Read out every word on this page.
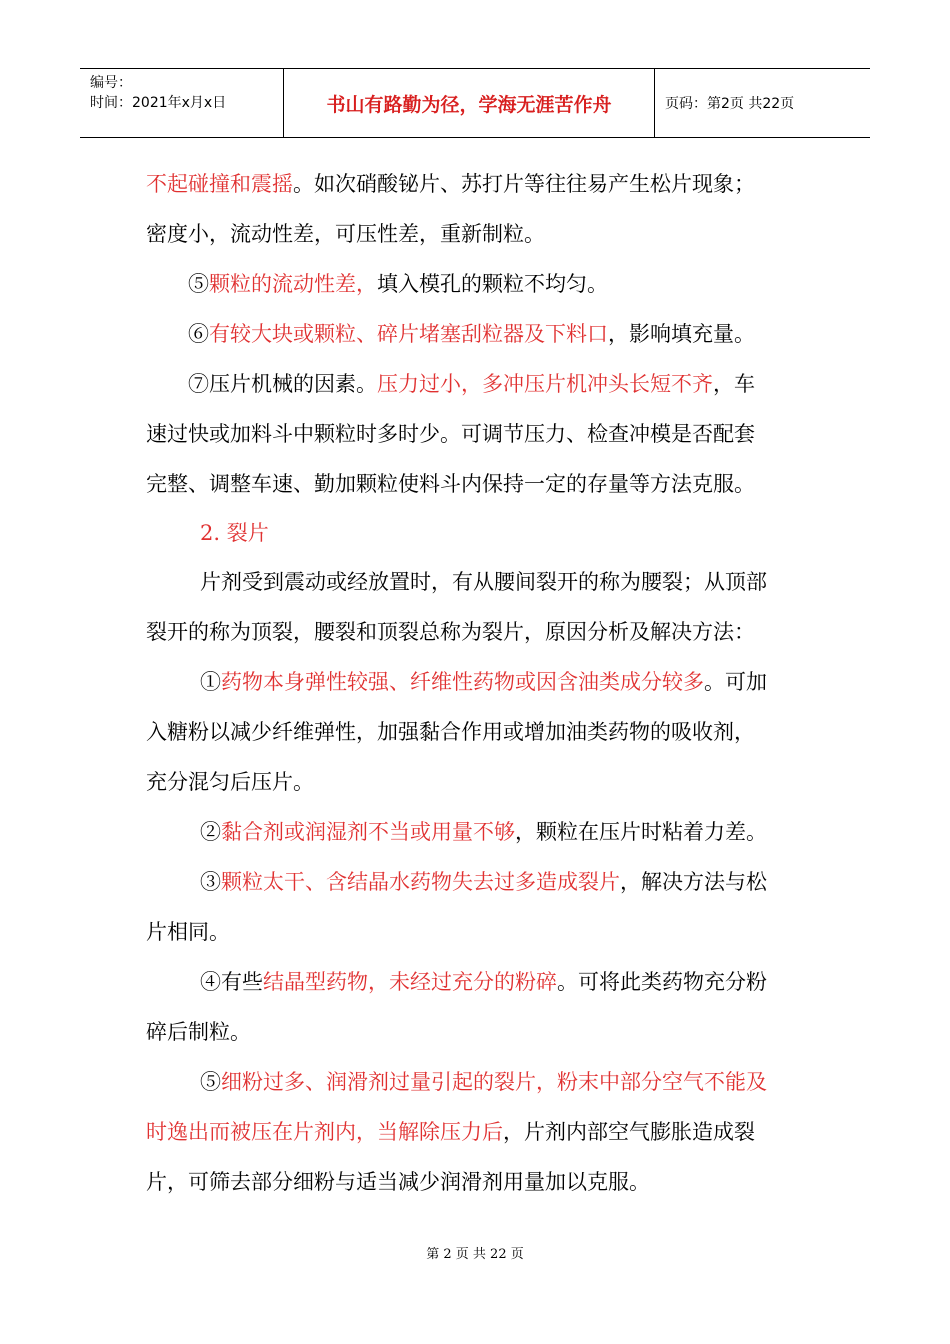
编号：
时间：2021年x月x日	书山有路勤为径，学海无涯苦作舟	页码：第2页 共22页
不起碰撞和震摇。如次硝酸铋片、苏打片等往往易产生松片现象；
密度小，流动性差，可压性差，重新制粒。
⑤颗粒的流动性差，填入模孔的颗粒不均匀。
⑥有较大块或颗粒、碎片堵塞刮粒器及下料口，影响填充量。
⑦压片机械的因素。压力过小，多冲压片机冲头长短不齐，车
速过快或加料斗中颗粒时多时少。可调节压力、检查冲模是否配套
完整、调整车速、勤加颗粒使料斗内保持一定的存量等方法克服。
2. 裂片
片剂受到震动或经放置时，有从腰间裂开的称为腰裂；从顶部
裂开的称为顶裂，腰裂和顶裂总称为裂片，原因分析及解决方法：
①药物本身弹性较强、纤维性药物或因含油类成分较多。可加
入糖粉以减少纤维弹性，加强黏合作用或增加油类药物的吸收剂，
充分混匀后压片。
②黏合剂或润湿剂不当或用量不够，颗粒在压片时粘着力差。
③颗粒太干、含结晶水药物失去过多造成裂片，解决方法与松
片相同。
④有些结晶型药物，未经过充分的粉碎。可将此类药物充分粉
碎后制粒。
⑤细粉过多、润滑剂过量引起的裂片，粉末中部分空气不能及
时逸出而被压在片剂内，当解除压力后，片剂内部空气膨胀造成裂
片，可筛去部分细粉与适当减少润滑剂用量加以克服。
第 2 页 共 22 页
